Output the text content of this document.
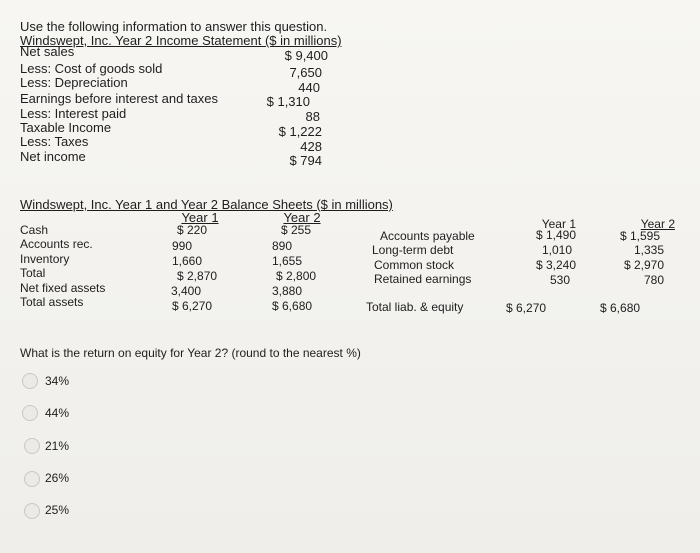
Use the following information to answer this question.
Windswept, Inc. Year 2 Income Statement ($ in millions)
Net sales	$ 9,400
Less: Cost of goods sold	7,650
Less: Depreciation	440
Earnings before interest and taxes	$ 1,310
Less: Interest paid	88
Taxable Income	$ 1,222
Less: Taxes	428
Net income	$ 794
Windswept, Inc. Year 1 and Year 2 Balance Sheets ($ in millions)
Year 1	Year 2
Cash	$ 220	$ 255
Accounts rec.	990	890
Inventory	1,660	1,655
Total	$ 2,870	$ 2,800
Net fixed assets	3,400	3,880
Total assets	$ 6,270	$ 6,680
Year 1	Year 2
Accounts payable	$ 1,490	$ 1,595
Long-term debt	1,010	1,335
Common stock	$ 3,240	$ 2,970
Retained earnings	530	780
Total liab. & equity	$ 6,270	$ 6,680
What is the return on equity for Year 2? (round to the nearest %)
34%
44%
21%
26%
25%
